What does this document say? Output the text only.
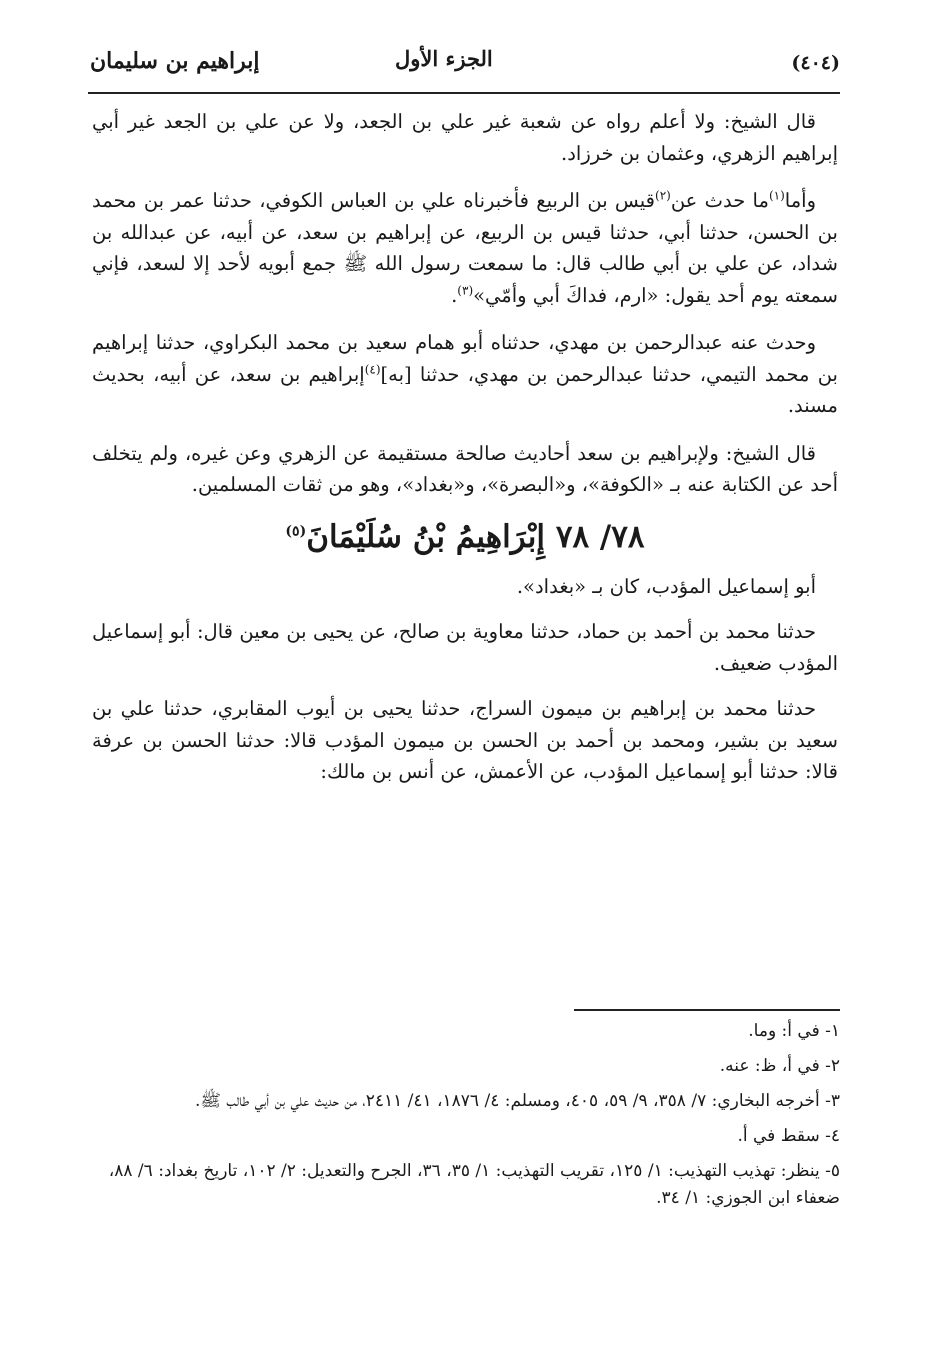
(٤٠٤)
الجزء الأول
إبراهيم بن سليمان

قال الشيخ: ولا أعلم رواه عن شعبة غير علي بن الجعد، ولا عن علي بن الجعد غير أبي إبراهيم الزهري، وعثمان بن خرزاد.

وأما$^{(١)}$ما حدث عن$^{(٢)}$قيس بن الربيع فأخبرناه علي بن العباس الكوفي، حدثنا عمر بن محمد بن الحسن، حدثنا أبي، حدثنا قيس بن الربيع، عن إبراهيم بن سعد، عن أبيه، عن عبدالله بن شداد، عن علي بن أبي طالب قال: ما سمعت رسول الله ﷺ جمع أبويه لأحد إلا لسعد، فإني سمعته يوم أحد يقول: «ارم، فداكَ أبي وأمّي»$^{(٣)}$.

وحدث عنه عبدالرحمن بن مهدي، حدثناه أبو همام سعيد بن محمد البكراوي، حدثنا إبراهيم بن محمد التيمي، حدثنا عبدالرحمن بن مهدي، حدثنا [به]$^{(٤)}$إبراهيم بن سعد، عن أبيه، بحديث مسند.

قال الشيخ: ولإبراهيم بن سعد أحاديث صالحة مستقيمة عن الزهري وعن غيره، ولم يتخلف أحد عن الكتابة عنه بـ «الكوفة»، و«البصرة»، و«بغداد»، وهو من ثقات المسلمين.

٧٨/ ٧٨ إِبْرَاهِيمُ بْنُ سُلَيْمَانَ$^{(٥)}$

أبو إسماعيل المؤدب، كان بـ «بغداد».

حدثنا محمد بن أحمد بن حماد، حدثنا معاوية بن صالح، عن يحيى بن معين قال: أبو إسماعيل المؤدب ضعيف.

حدثنا محمد بن إبراهيم بن ميمون السراج، حدثنا يحيى بن أيوب المقابري، حدثنا علي بن سعيد بن بشير، ومحمد بن أحمد بن الحسن بن ميمون المؤدب قالا: حدثنا الحسن بن عرفة قالا: حدثنا أبو إسماعيل المؤدب، عن الأعمش، عن أنس بن مالك:

١- في أ: وما.
٢- في أ، ظ: عنه.
٣- أخرجه البخاري: ٧/ ٣٥٨، ٩/ ٥٩، ٤٠٥، ومسلم: ٤/ ١٨٧٦، ٤١/ ٢٤١١، من حديث علي بن أبي طالب ﷺ.
٤- سقط في أ.
٥- ينظر: تهذيب التهذيب: ١/ ١٢٥، تقريب التهذيب: ١/ ٣٥، ٣٦، الجرح والتعديل: ٢/ ١٠٢، تاريخ بغداد: ٦/ ٨٨، ضعفاء ابن الجوزي: ١/ ٣٤.
